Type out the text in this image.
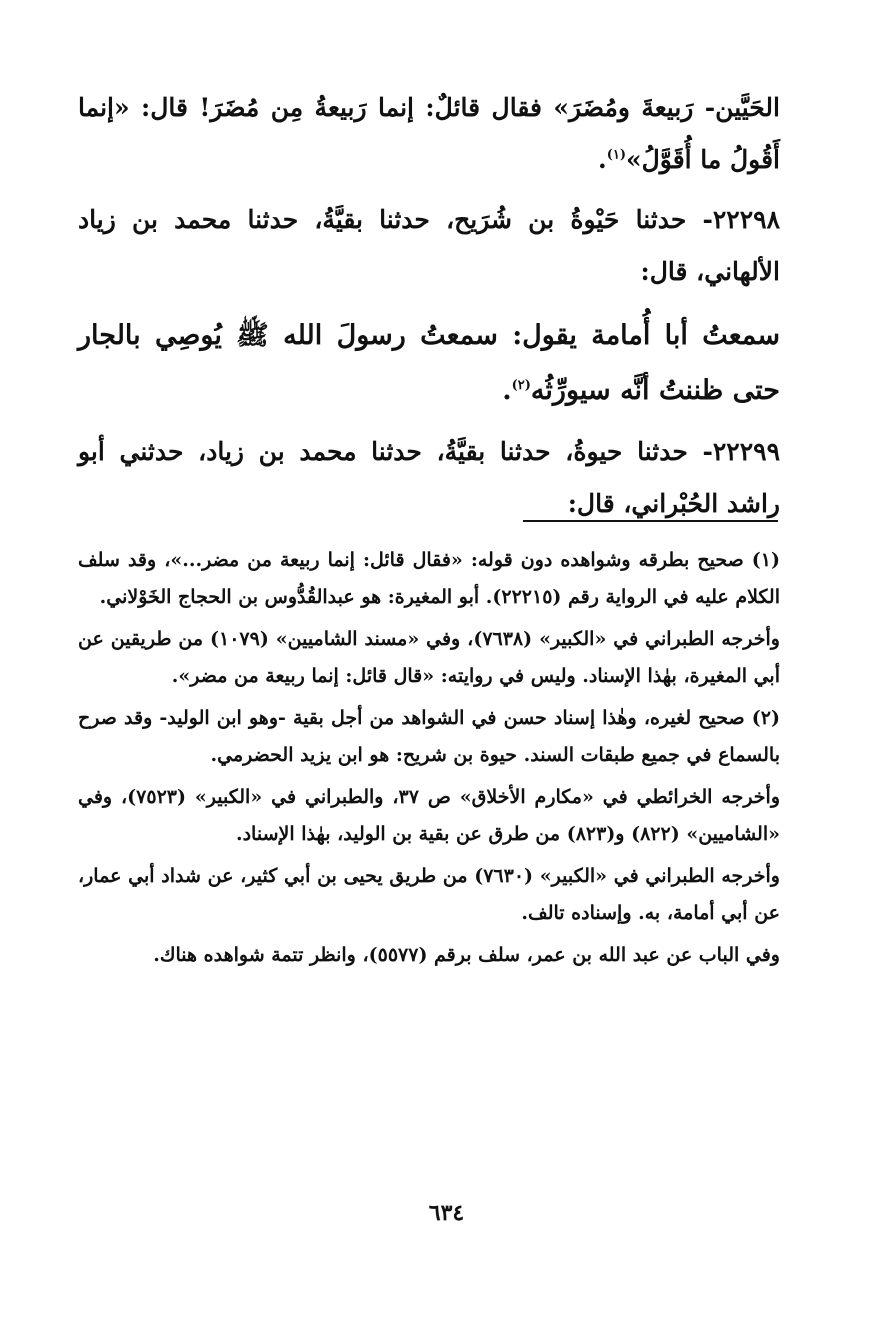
الحَيَّين- رَبيعةَ ومُضَرَ» فقال قائلٌ: إنما رَبيعةُ مِن مُضَرَ! قال: «إنما أَقُولُ ما أُقَوَّلُ»$^{(١)}$.

٢٢٢٩٨- حدثنا حَيْوةُ بن شُرَيح، حدثنا بقيَّةُ، حدثنا محمد بن زياد الألهاني، قال:

سمعتُ أبا أُمامة يقول: سمعتُ رسولَ الله ﷺ يُوصِي بالجار حتى ظننتُ أنَّه سيورِّثُه$^{(٢)}$.

٢٢٢٩٩- حدثنا حيوةُ، حدثنا بقيَّةُ، حدثنا محمد بن زياد، حدثني أبو راشد الحُبْراني، قال:

(١) صحيح بطرقه وشواهده دون قوله: «فقال قائل: إنما ربيعة من مضر...»، وقد سلف الكلام عليه في الرواية رقم (٢٢٢١٥). أبو المغيرة: هو عبدالقُدُّوس بن الحجاج الخَوْلاني.

وأخرجه الطبراني في «الكبير» (٧٦٣٨)، وفي «مسند الشاميين» (١٠٧٩) من طريقين عن أبي المغيرة، بهٰذا الإسناد. وليس في روايته: «قال قائل: إنما ربيعة من مضر».

(٢) صحيح لغيره، وهٰذا إسناد حسن في الشواهد من أجل بقية -وهو ابن الوليد- وقد صرح بالسماع في جميع طبقات السند. حيوة بن شريح: هو ابن يزيد الحضرمي.

وأخرجه الخرائطي في «مكارم الأخلاق» ص ٣٧، والطبراني في «الكبير» (٧٥٢٣)، وفي «الشاميين» (٨٢٢) و(٨٢٣) من طرق عن بقية بن الوليد، بهٰذا الإسناد.

وأخرجه الطبراني في «الكبير» (٧٦٣٠) من طريق يحيى بن أبي كثير، عن شداد أبي عمار، عن أبي أمامة، به. وإسناده تالف.

وفي الباب عن عبد الله بن عمر، سلف برقم (٥٥٧٧)، وانظر تتمة شواهده هناك.

٦٣٤
